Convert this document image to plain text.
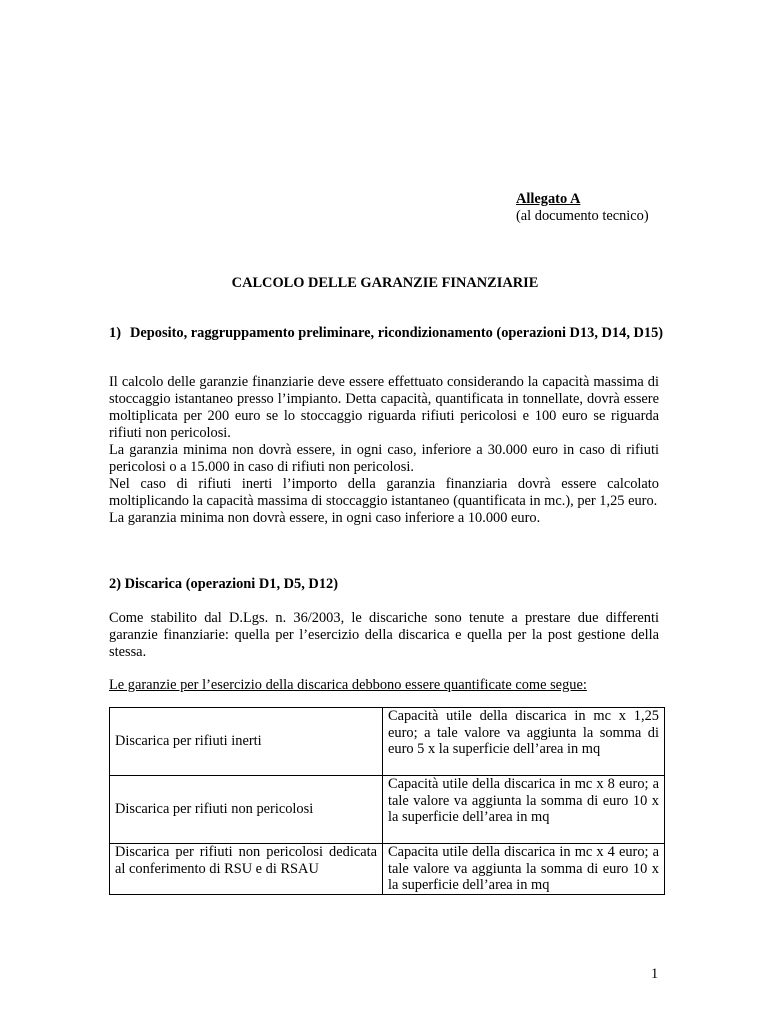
Allegato A
(al documento tecnico)
CALCOLO DELLE GARANZIE FINANZIARIE
1) Deposito, raggruppamento preliminare, ricondizionamento (operazioni D13, D14, D15)

Il calcolo delle garanzie finanziarie deve essere effettuato considerando la capacità massima di stoccaggio istantaneo presso l’impianto. Detta capacità, quantificata in tonnellate, dovrà essere moltiplicata per 200 euro se lo stoccaggio riguarda rifiuti pericolosi e 100 euro se riguarda rifiuti non pericolosi.

La garanzia minima non dovrà essere, in ogni caso, inferiore a 30.000 euro in caso di rifiuti pericolosi o a 15.000 in caso di rifiuti non pericolosi.

Nel caso di rifiuti inerti l’importo della garanzia finanziaria dovrà essere calcolato moltiplicando la capacità massima di stoccaggio istantaneo (quantificata in mc.), per 1,25 euro.

La garanzia minima non dovrà essere, in ogni caso inferiore a 10.000 euro.

2) Discarica (operazioni D1, D5, D12)
Come stabilito dal D.Lgs. n. 36/2003, le discariche sono tenute a prestare due differenti garanzie finanziarie: quella per l’esercizio della discarica e quella per la post gestione della stessa.
Le garanzie per l’esercizio della discarica debbono essere quantificate come segue:
Discarica per rifiuti inerti	Capacità utile della discarica in mc x 1,25 euro; a tale valore va aggiunta la somma di euro 5 x la superficie dell’area in mq
Discarica per rifiuti non pericolosi	Capacità utile della discarica in mc x 8 euro; a tale valore va aggiunta la somma di euro 10 x la superficie dell’area in mq
Discarica per rifiuti non pericolosi dedicata al conferimento di RSU e di RSAU	Capacita utile della discarica in mc x 4 euro; a tale valore va aggiunta la somma di euro 10 x la superficie dell’area in mq
1
